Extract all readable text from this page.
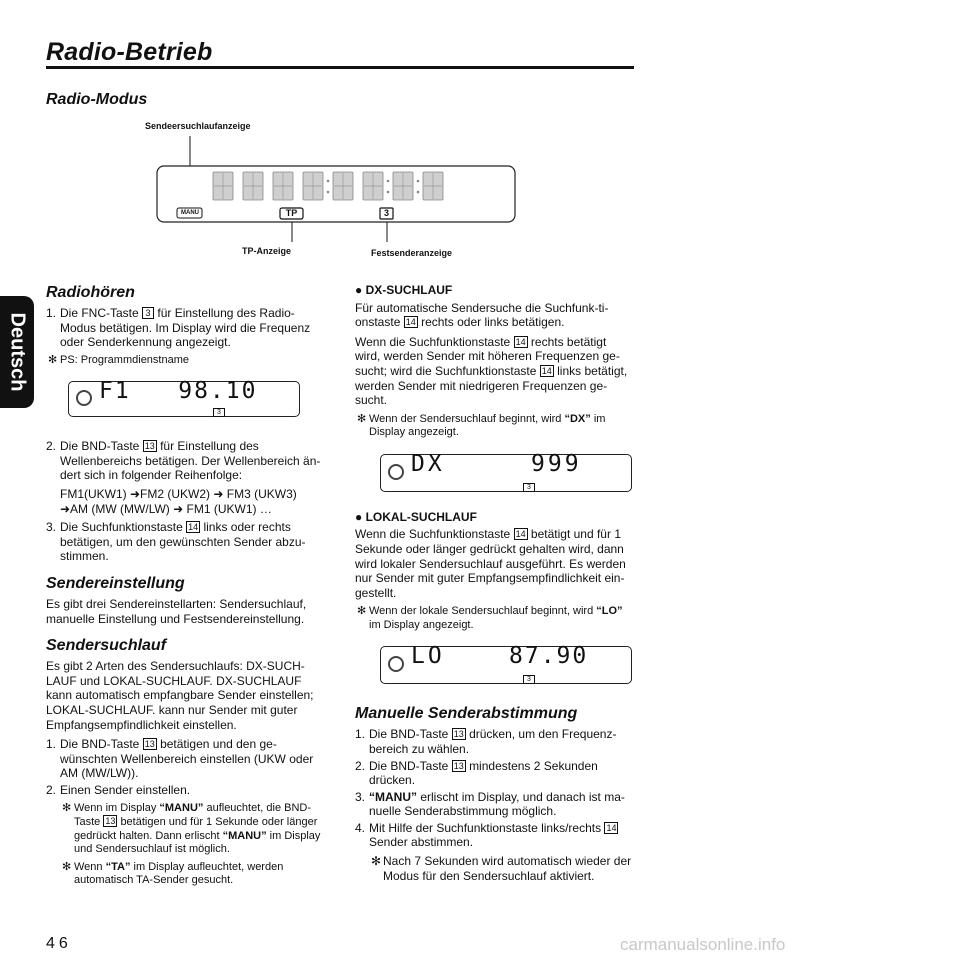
Radio-Betrieb
Radio-Modus
Deutsch
Sendeersuchlaufanzeige
MANU	TP	3
TP-Anzeige	Festsenderanzeige
Radiohören
1. Die FNC-Taste 3 für Einstellung des Radio-Modus betätigen. Im Display wird die Frequenz oder Senderkennung angezeigt.
✻ PS: Programmdienstname
F1   98.10
3
2. Die BND-Taste 13 für Einstellung des Wellenbereichs betätigen. Der Wellenbereich än-dert sich in folgender Reihenfolge:
FM1(UKW1) ➜FM2 (UKW2) ➜ FM3 (UKW3) ➜AM (MW (MW/LW) ➜ FM1 (UKW1) …
3. Die Suchfunktionstaste 14 links oder rechts betätigen, um den gewünschten Sender abzu-stimmen.
Sendereinstellung

Es gibt drei Sendereinstellarten: Sendersuchlauf, manuelle Einstellung und Festsendereinstellung.

Sendersuchlauf

Es gibt 2 Arten des Sendersuchlaufs: DX-SUCH-LAUF und LOKAL-SUCHLAUF. DX-SUCHLAUF kann automatisch empfangbare Sender einstellen; LOKAL-SUCHLAUF. kann nur Sender mit guter Empfangsempfindlichkeit einstellen.

1. Die BND-Taste 13 betätigen und den ge-wünschten Wellenbereich einstellen (UKW oder AM (MW/LW)).
2. Einen Sender einstellen.
✻ Wenn im Display “MANU” aufleuchtet, die BND-Taste 13 betätigen und für 1 Sekunde oder länger gedrückt halten. Dann erlischt “MANU” im Display und Sendersuchlauf ist möglich.
✻ Wenn “TA” im Display aufleuchtet, werden automatisch TA-Sender gesucht.
● DX-SUCHLAUF

Für automatische Sendersuche die Suchfunk-ti-onstaste 14 rechts oder links betätigen.

Wenn die Suchfunktionstaste 14 rechts betätigt wird, werden Sender mit höheren Frequenzen ge-sucht; wird die Suchfunktionstaste 14 links betätigt, werden Sender mit niedrigeren Frequenzen ge-sucht.

✻ Wenn der Sendersuchlauf beginnt, wird “DX” im Display angezeigt.
DX	999
3
● LOKAL-SUCHLAUF

Wenn die Suchfunktionstaste 14 betätigt und für 1 Sekunde oder länger gedrückt gehalten wird, dann wird lokaler Sendersuchlauf ausgeführt. Es werden nur Sender mit guter Empfangsempfindlichkeit ein-gestellt.

✻ Wenn der lokale Sendersuchlauf beginnt, wird “LO” im Display angezeigt.
LO	87.90
3
Manuelle Senderabstimmung
1. Die BND-Taste 13 drücken, um den Frequenz-bereich zu wählen.
2. Die BND-Taste 13 mindestens 2 Sekunden drücken.
3. “MANU” erlischt im Display, und danach ist ma-nuelle Senderabstimmung möglich.
4. Mit Hilfe der Suchfunktionstaste links/rechts 14 Sender abstimmen.
✻ Nach 7 Sekunden wird automatisch wieder der Modus für den Sendersuchlauf aktiviert.
46	carmanualsonline.info
